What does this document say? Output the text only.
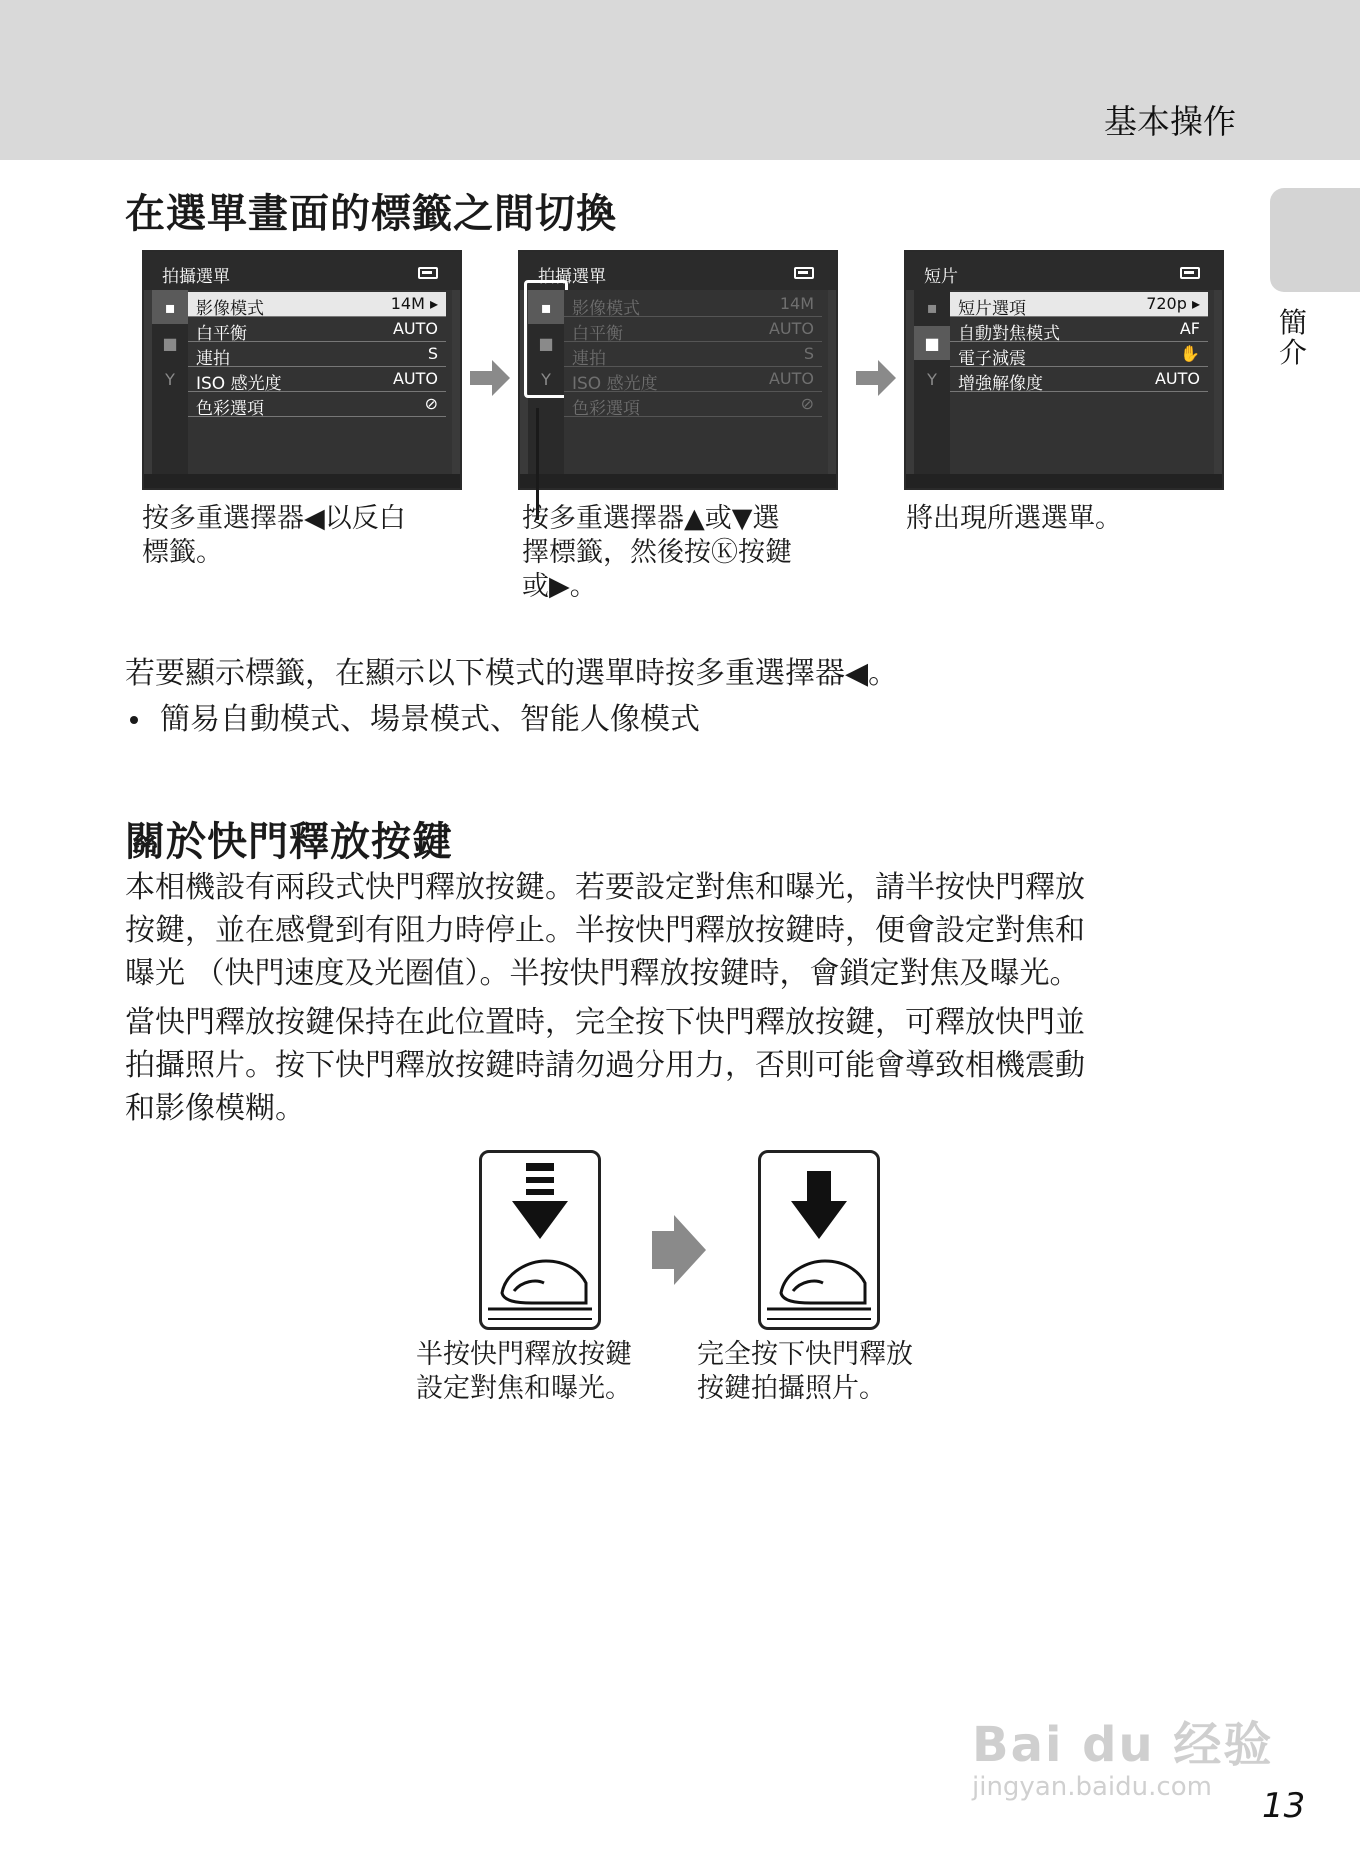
基本操作
簡介
在選單畫面的標籤之間切換
拍攝選單
▪
■
Y
影像模式	14M ▸
白平衡	AUTO
連拍	S
ISO 感光度	AUTO
色彩選項	⊘
拍攝選單
▪
■
Y
影像模式	14M
白平衡	AUTO
連拍	S
ISO 感光度	AUTO
色彩選項	⊘
短片
▪
■
Y
短片選項	720p ▸
自動對焦模式	AF
電子減震	✋
增強解像度	AUTO
按多重選擇器◀以反白
標籤。
按多重選擇器▲或▼選
擇標籤，然後按Ⓚ按鍵
或▶。
將出現所選選單。
若要顯示標籤，在顯示以下模式的選單時按多重選擇器◀。
簡易自動模式、場景模式、智能人像模式
關於快門釋放按鍵
本相機設有兩段式快門釋放按鍵。若要設定對焦和曝光，請半按快門釋放
按鍵，並在感覺到有阻力時停止。半按快門釋放按鍵時，便會設定對焦和
曝光 （快門速度及光圈值）。半按快門釋放按鍵時，會鎖定對焦及曝光。
當快門釋放按鍵保持在此位置時，完全按下快門釋放按鍵，可釋放快門並
拍攝照片。按下快門釋放按鍵時請勿過分用力，否則可能會導致相機震動
和影像模糊。
半按快門釋放按鍵
設定對焦和曝光。
完全按下快門釋放
按鍵拍攝照片。
Bai du 经验
jingyan.baidu.com 13
